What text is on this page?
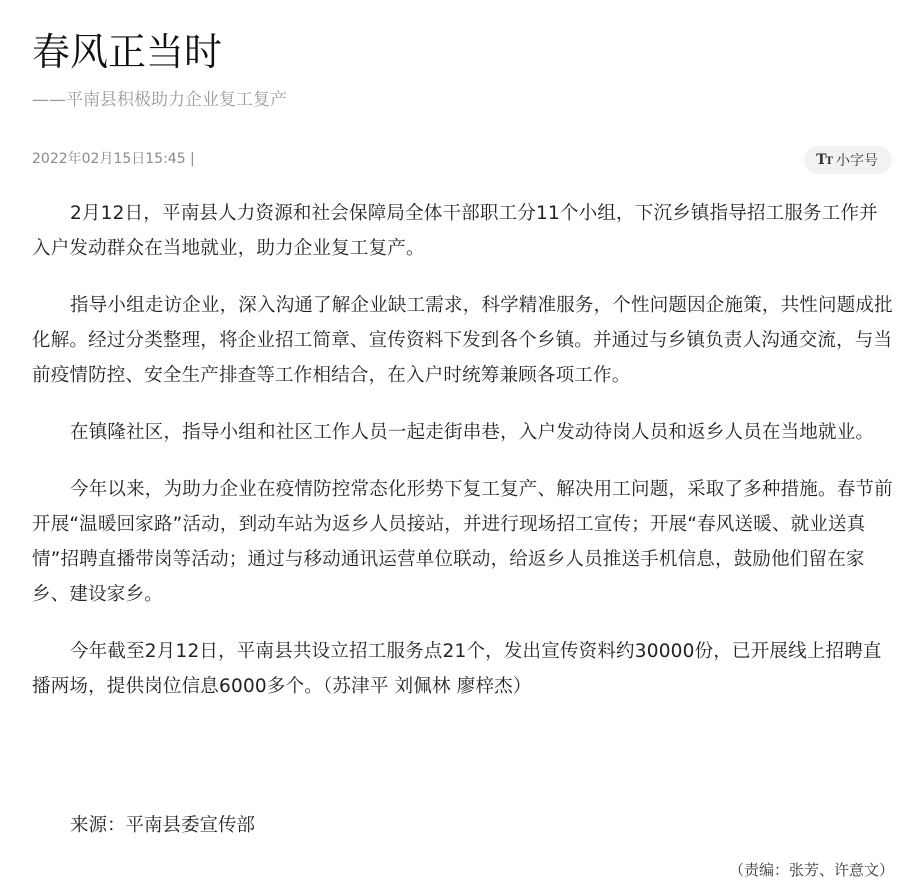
春风正当时
——平南县积极助力企业复工复产
2022年02月15日15:45 |	TT 小字号

2月12日，平南县人力资源和社会保障局全体干部职工分11个小组，下沉乡镇指导招工服务工作并入户发动群众在当地就业，助力企业复工复产。

指导小组走访企业，深入沟通了解企业缺工需求，科学精准服务，个性问题因企施策，共性问题成批化解。经过分类整理，将企业招工简章、宣传资料下发到各个乡镇。并通过与乡镇负责人沟通交流，与当前疫情防控、安全生产排查等工作相结合，在入户时统筹兼顾各项工作。

在镇隆社区，指导小组和社区工作人员一起走街串巷，入户发动待岗人员和返乡人员在当地就业。

今年以来，为助力企业在疫情防控常态化形势下复工复产、解决用工问题，采取了多种措施。春节前开展“温暖回家路”活动，到动车站为返乡人员接站，并进行现场招工宣传；开展“春风送暖、就业送真情”招聘直播带岗等活动；通过与移动通讯运营单位联动，给返乡人员推送手机信息，鼓励他们留在家乡、建设家乡。

今年截至2月12日，平南县共设立招工服务点21个，发出宣传资料约30000份，已开展线上招聘直播两场，提供岗位信息6000多个。（苏津平 刘佩林 廖梓杰）

来源：平南县委宣传部
（责编：张芳、许意文）
